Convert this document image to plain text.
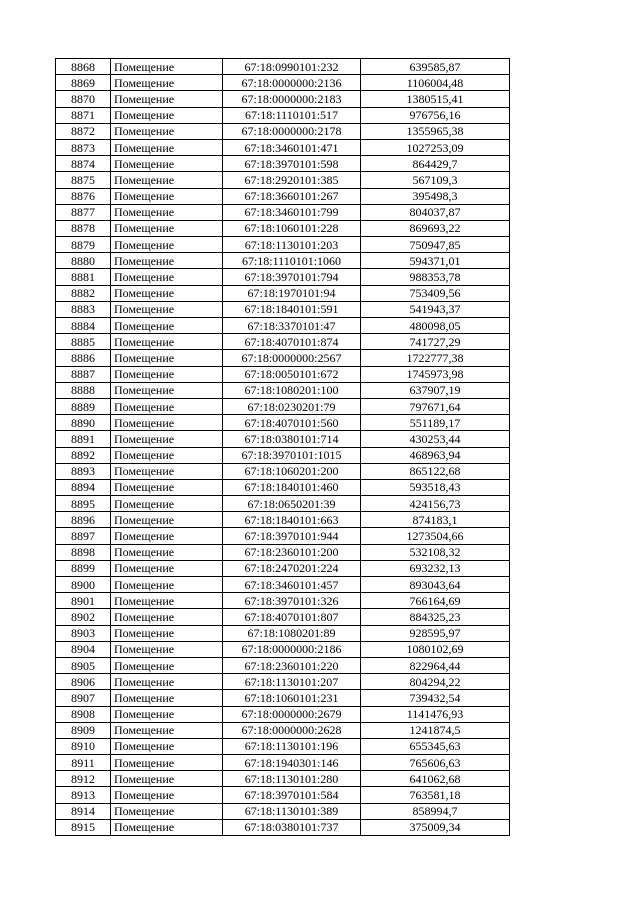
8868	Помещение	67:18:0990101:232	639585,87
8869	Помещение	67:18:0000000:2136	1106004,48
8870	Помещение	67:18:0000000:2183	1380515,41
8871	Помещение	67:18:1110101:517	976756,16
8872	Помещение	67:18:0000000:2178	1355965,38
8873	Помещение	67:18:3460101:471	1027253,09
8874	Помещение	67:18:3970101:598	864429,7
8875	Помещение	67:18:2920101:385	567109,3
8876	Помещение	67:18:3660101:267	395498,3
8877	Помещение	67:18:3460101:799	804037,87
8878	Помещение	67:18:1060101:228	869693,22
8879	Помещение	67:18:1130101:203	750947,85
8880	Помещение	67:18:1110101:1060	594371,01
8881	Помещение	67:18:3970101:794	988353,78
8882	Помещение	67:18:1970101:94	753409,56
8883	Помещение	67:18:1840101:591	541943,37
8884	Помещение	67:18:3370101:47	480098,05
8885	Помещение	67:18:4070101:874	741727,29
8886	Помещение	67:18:0000000:2567	1722777,38
8887	Помещение	67:18:0050101:672	1745973,98
8888	Помещение	67:18:1080201:100	637907,19
8889	Помещение	67:18:0230201:79	797671,64
8890	Помещение	67:18:4070101:560	551189,17
8891	Помещение	67:18:0380101:714	430253,44
8892	Помещение	67:18:3970101:1015	468963,94
8893	Помещение	67:18:1060201:200	865122,68
8894	Помещение	67:18:1840101:460	593518,43
8895	Помещение	67:18:0650201:39	424156,73
8896	Помещение	67:18:1840101:663	874183,1
8897	Помещение	67:18:3970101:944	1273504,66
8898	Помещение	67:18:2360101:200	532108,32
8899	Помещение	67:18:2470201:224	693232,13
8900	Помещение	67:18:3460101:457	893043,64
8901	Помещение	67:18:3970101:326	766164,69
8902	Помещение	67:18:4070101:807	884325,23
8903	Помещение	67:18:1080201:89	928595,97
8904	Помещение	67:18:0000000:2186	1080102,69
8905	Помещение	67:18:2360101:220	822964,44
8906	Помещение	67:18:1130101:207	804294,22
8907	Помещение	67:18:1060101:231	739432,54
8908	Помещение	67:18:0000000:2679	1141476,93
8909	Помещение	67:18:0000000:2628	1241874,5
8910	Помещение	67:18:1130101:196	655345,63
8911	Помещение	67:18:1940301:146	765606,63
8912	Помещение	67:18:1130101:280	641062,68
8913	Помещение	67:18:3970101:584	763581,18
8914	Помещение	67:18:1130101:389	858994,7
8915	Помещение	67:18:0380101:737	375009,34
